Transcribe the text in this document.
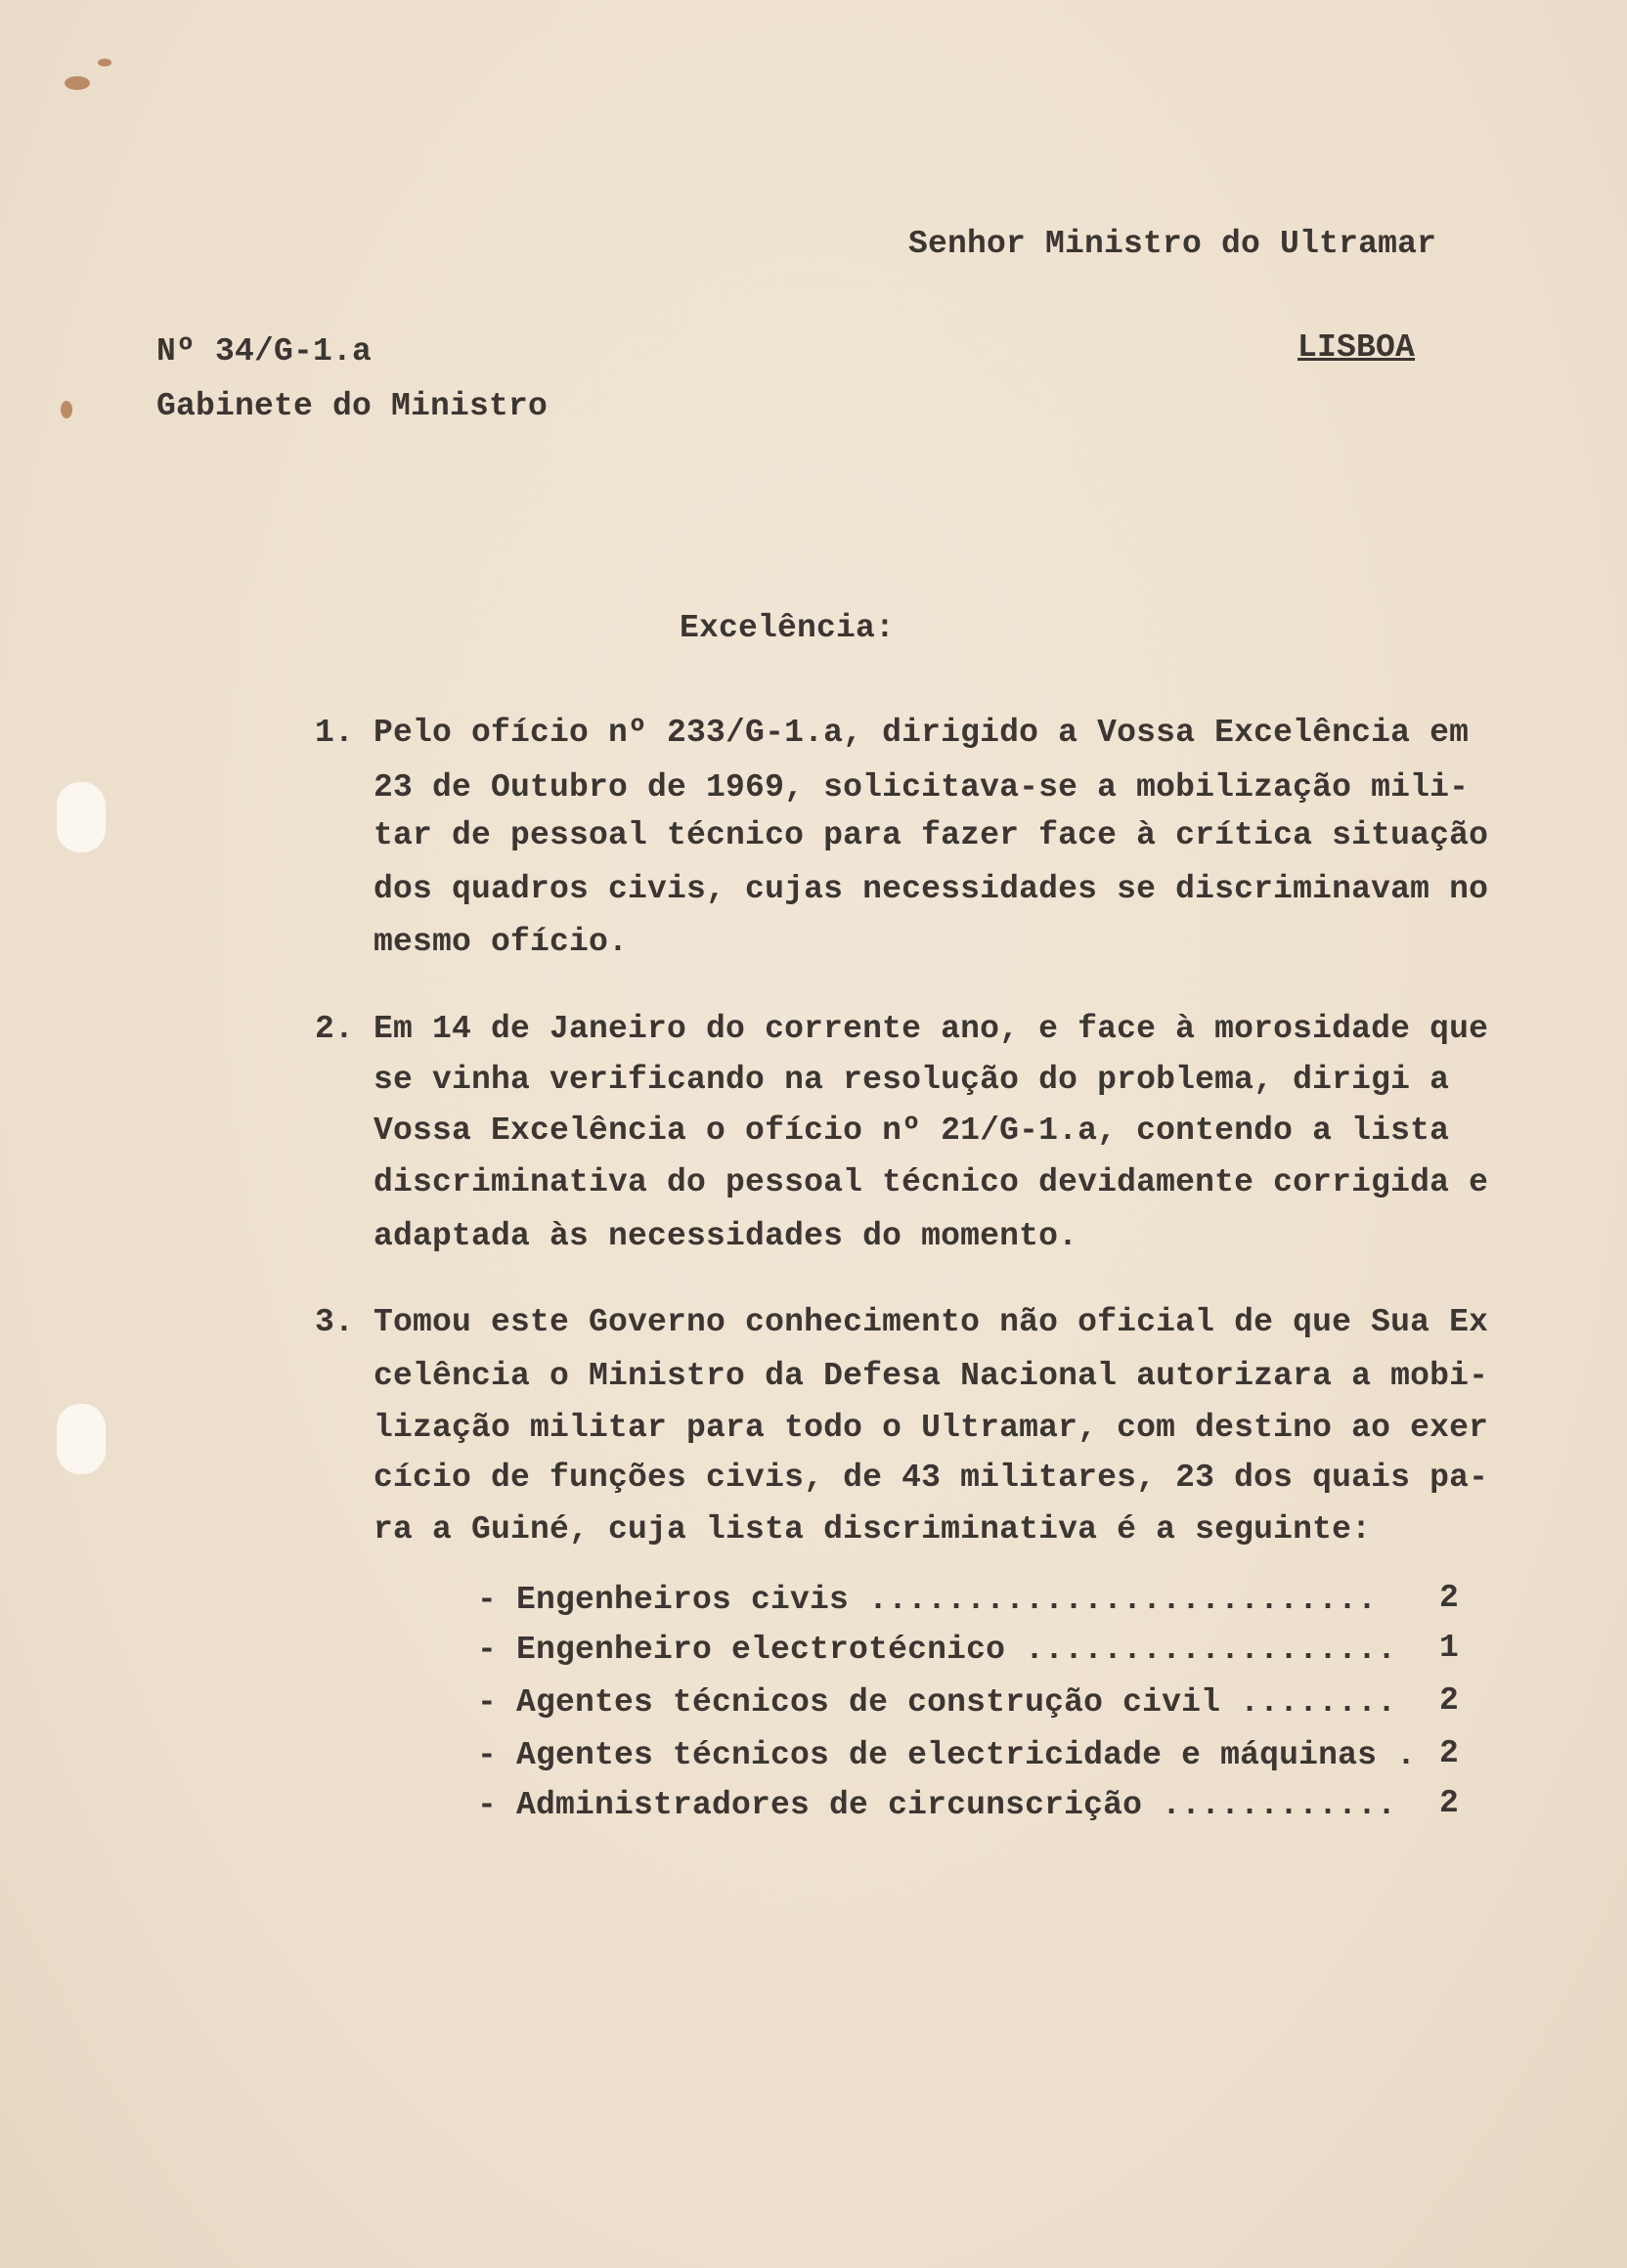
Senhor Ministro do Ultramar
Nº 34/G-1.a	LISBOA
Gabinete do Ministro
Excelência:
1. Pelo ofício nº 233/G-1.a, dirigido a Vossa Excelência em
23 de Outubro de 1969, solicitava-se a mobilização mili-
tar de pessoal técnico para fazer face à crítica situação
dos quadros civis, cujas necessidades se discriminavam no
mesmo ofício.
2. Em 14 de Janeiro do corrente ano, e face à morosidade que
se vinha verificando na resolução do problema, dirigi a
Vossa Excelência o ofício nº 21/G-1.a, contendo a lista
discriminativa do pessoal técnico devidamente corrigida e
adaptada às necessidades do momento.
3. Tomou este Governo conhecimento não oficial de que Sua Ex
celência o Ministro da Defesa Nacional autorizara a mobi-
lização militar para todo o Ultramar, com destino ao exer
cício de funções civis, de 43 militares, 23 dos quais pa-
ra a Guiné, cuja lista discriminativa é a seguinte:
- Engenheiros civis .......................... 2
- Engenheiro electrotécnico ................... 1
- Agentes técnicos de construção civil ........ 2
- Agentes técnicos de electricidade e máquinas . 2
- Administradores de circunscrição ............ 2
